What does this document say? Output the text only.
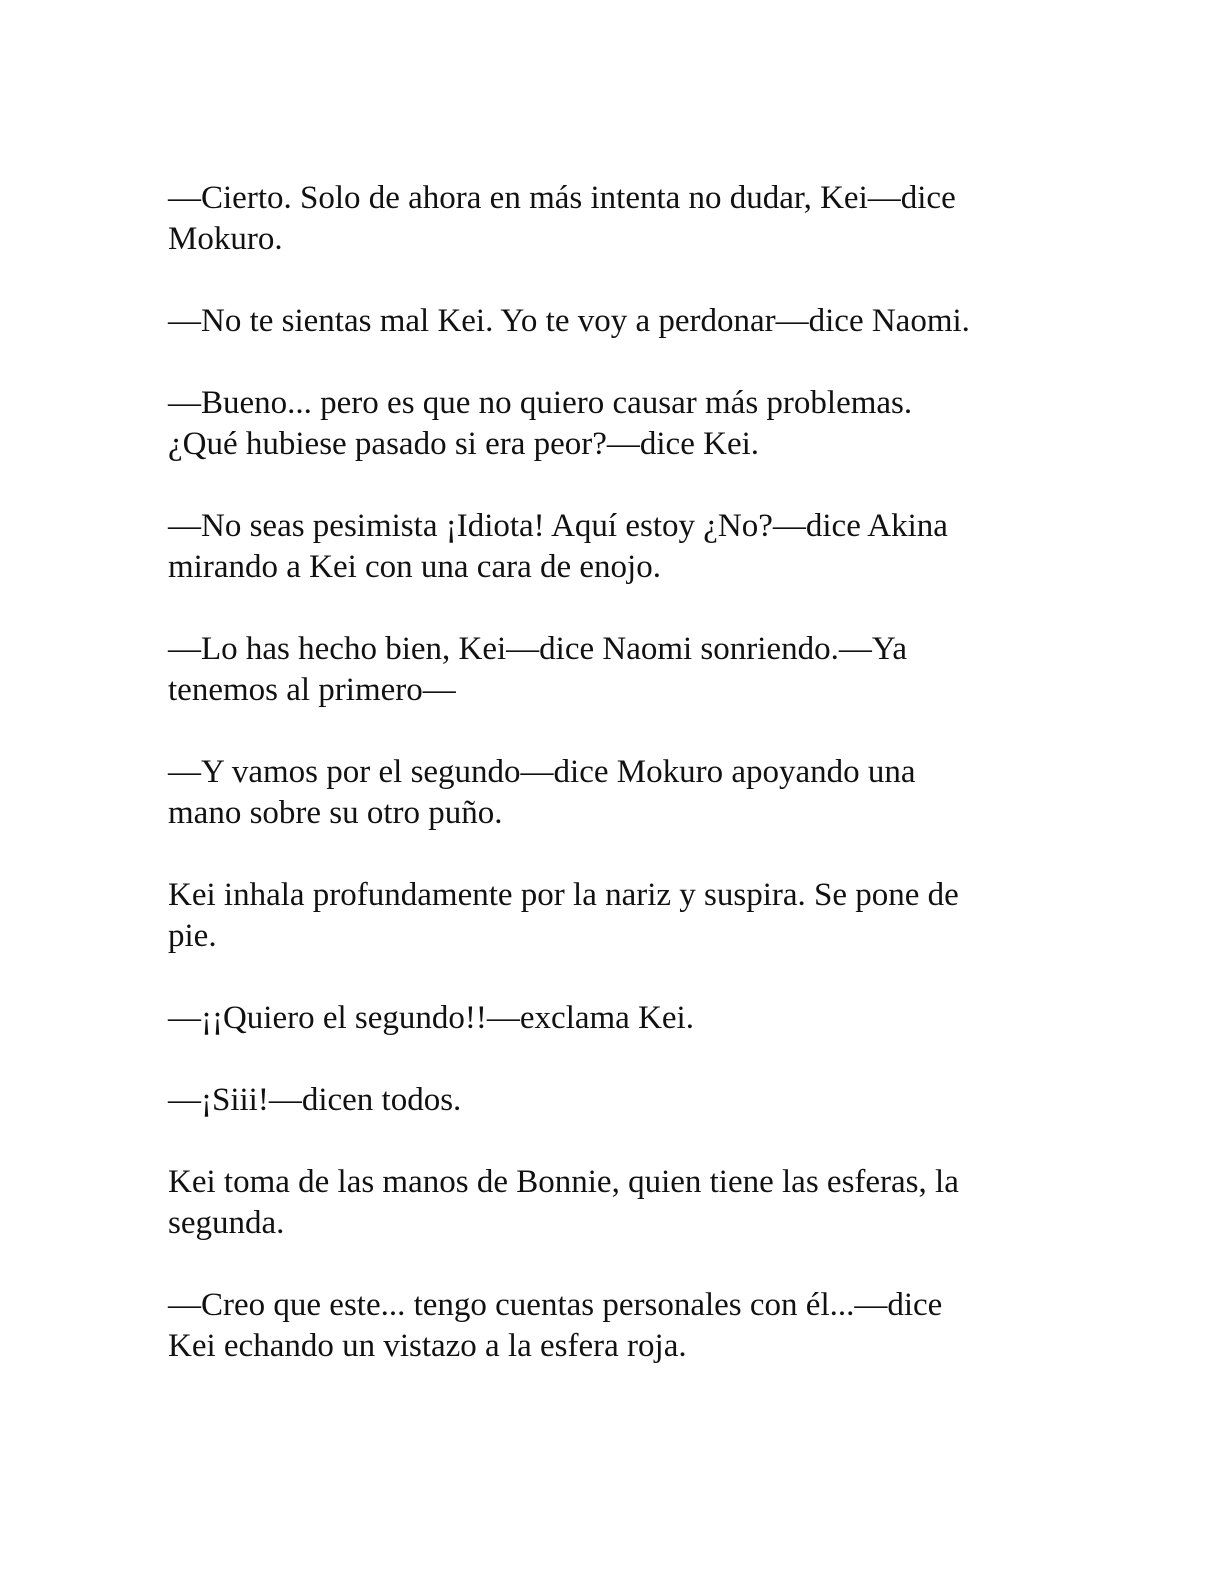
—Cierto. Solo de ahora en más intenta no dudar, Kei—dice
Mokuro.

—No te sientas mal Kei. Yo te voy a perdonar—dice Naomi.

—Bueno... pero es que no quiero causar más problemas.
¿Qué hubiese pasado si era peor?—dice Kei.

—No seas pesimista ¡Idiota! Aquí estoy ¿No?—dice Akina
mirando a Kei con una cara de enojo.

—Lo has hecho bien, Kei—dice Naomi sonriendo.—Ya
tenemos al primero—

—Y vamos por el segundo—dice Mokuro apoyando una
mano sobre su otro puño.

Kei inhala profundamente por la nariz y suspira. Se pone de
pie.

—¡¡Quiero el segundo!!—exclama Kei.

—¡Siii!—dicen todos.

Kei toma de las manos de Bonnie, quien tiene las esferas, la
segunda.

—Creo que este... tengo cuentas personales con él...—dice
Kei echando un vistazo a la esfera roja.
